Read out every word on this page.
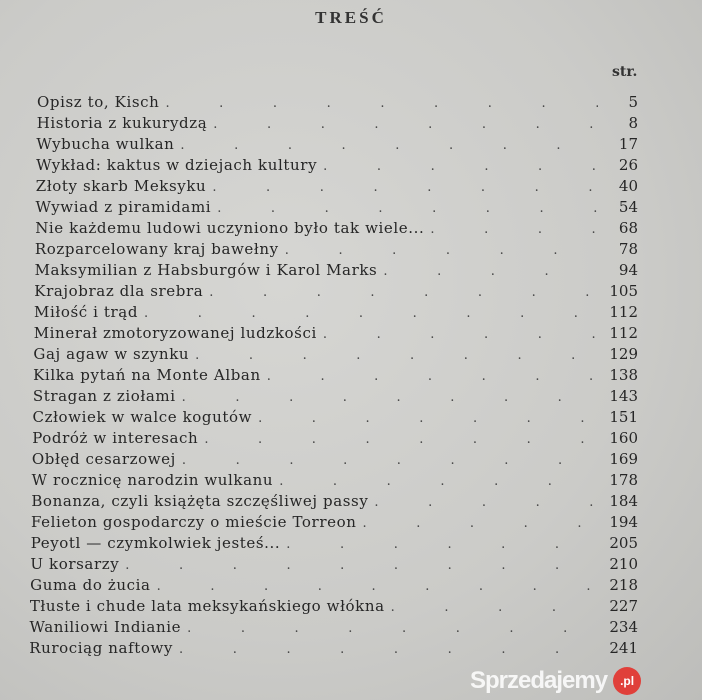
TREŚĆ
str.
Opisz to, Kisch .	5
Historia z kukurydzą .	8
Wybucha wulkan .	17
Wykład: kaktus w dziejach kultury .	26
Złoty skarb Meksyku .	40
Wywiad z piramidami .	54
Nie każdemu ludowi uczyniono było tak wiele... .	68
Rozparcelowany kraj bawełny .	78
Maksymilian z Habsburgów i Karol Marks .	94
Krajobraz dla srebra .	105
Miłość i trąd .	112
Minerał zmotoryzowanej ludzkości .	112
Gaj agaw w szynku .	129
Kilka pytań na Monte Alban .	138
Stragan z ziołami .	143
Człowiek w walce kogutów .	151
Podróż w interesach .	160
Obłęd cesarzowej .	169
W rocznicę narodzin wulkanu .	178
Bonanza, czyli książęta szczęśliwej passy .	184
Felieton gospodarczy o mieście Torreon .	194
Peyotl — czymkolwiek jesteś... .	205
U korsarzy .	210
Guma do żucia .	218
Tłuste i chude lata meksykańskiego włókna .	227
Waniliowi Indianie .	234
Rurociąg naftowy .	241
Sprzedajemy	.pl
